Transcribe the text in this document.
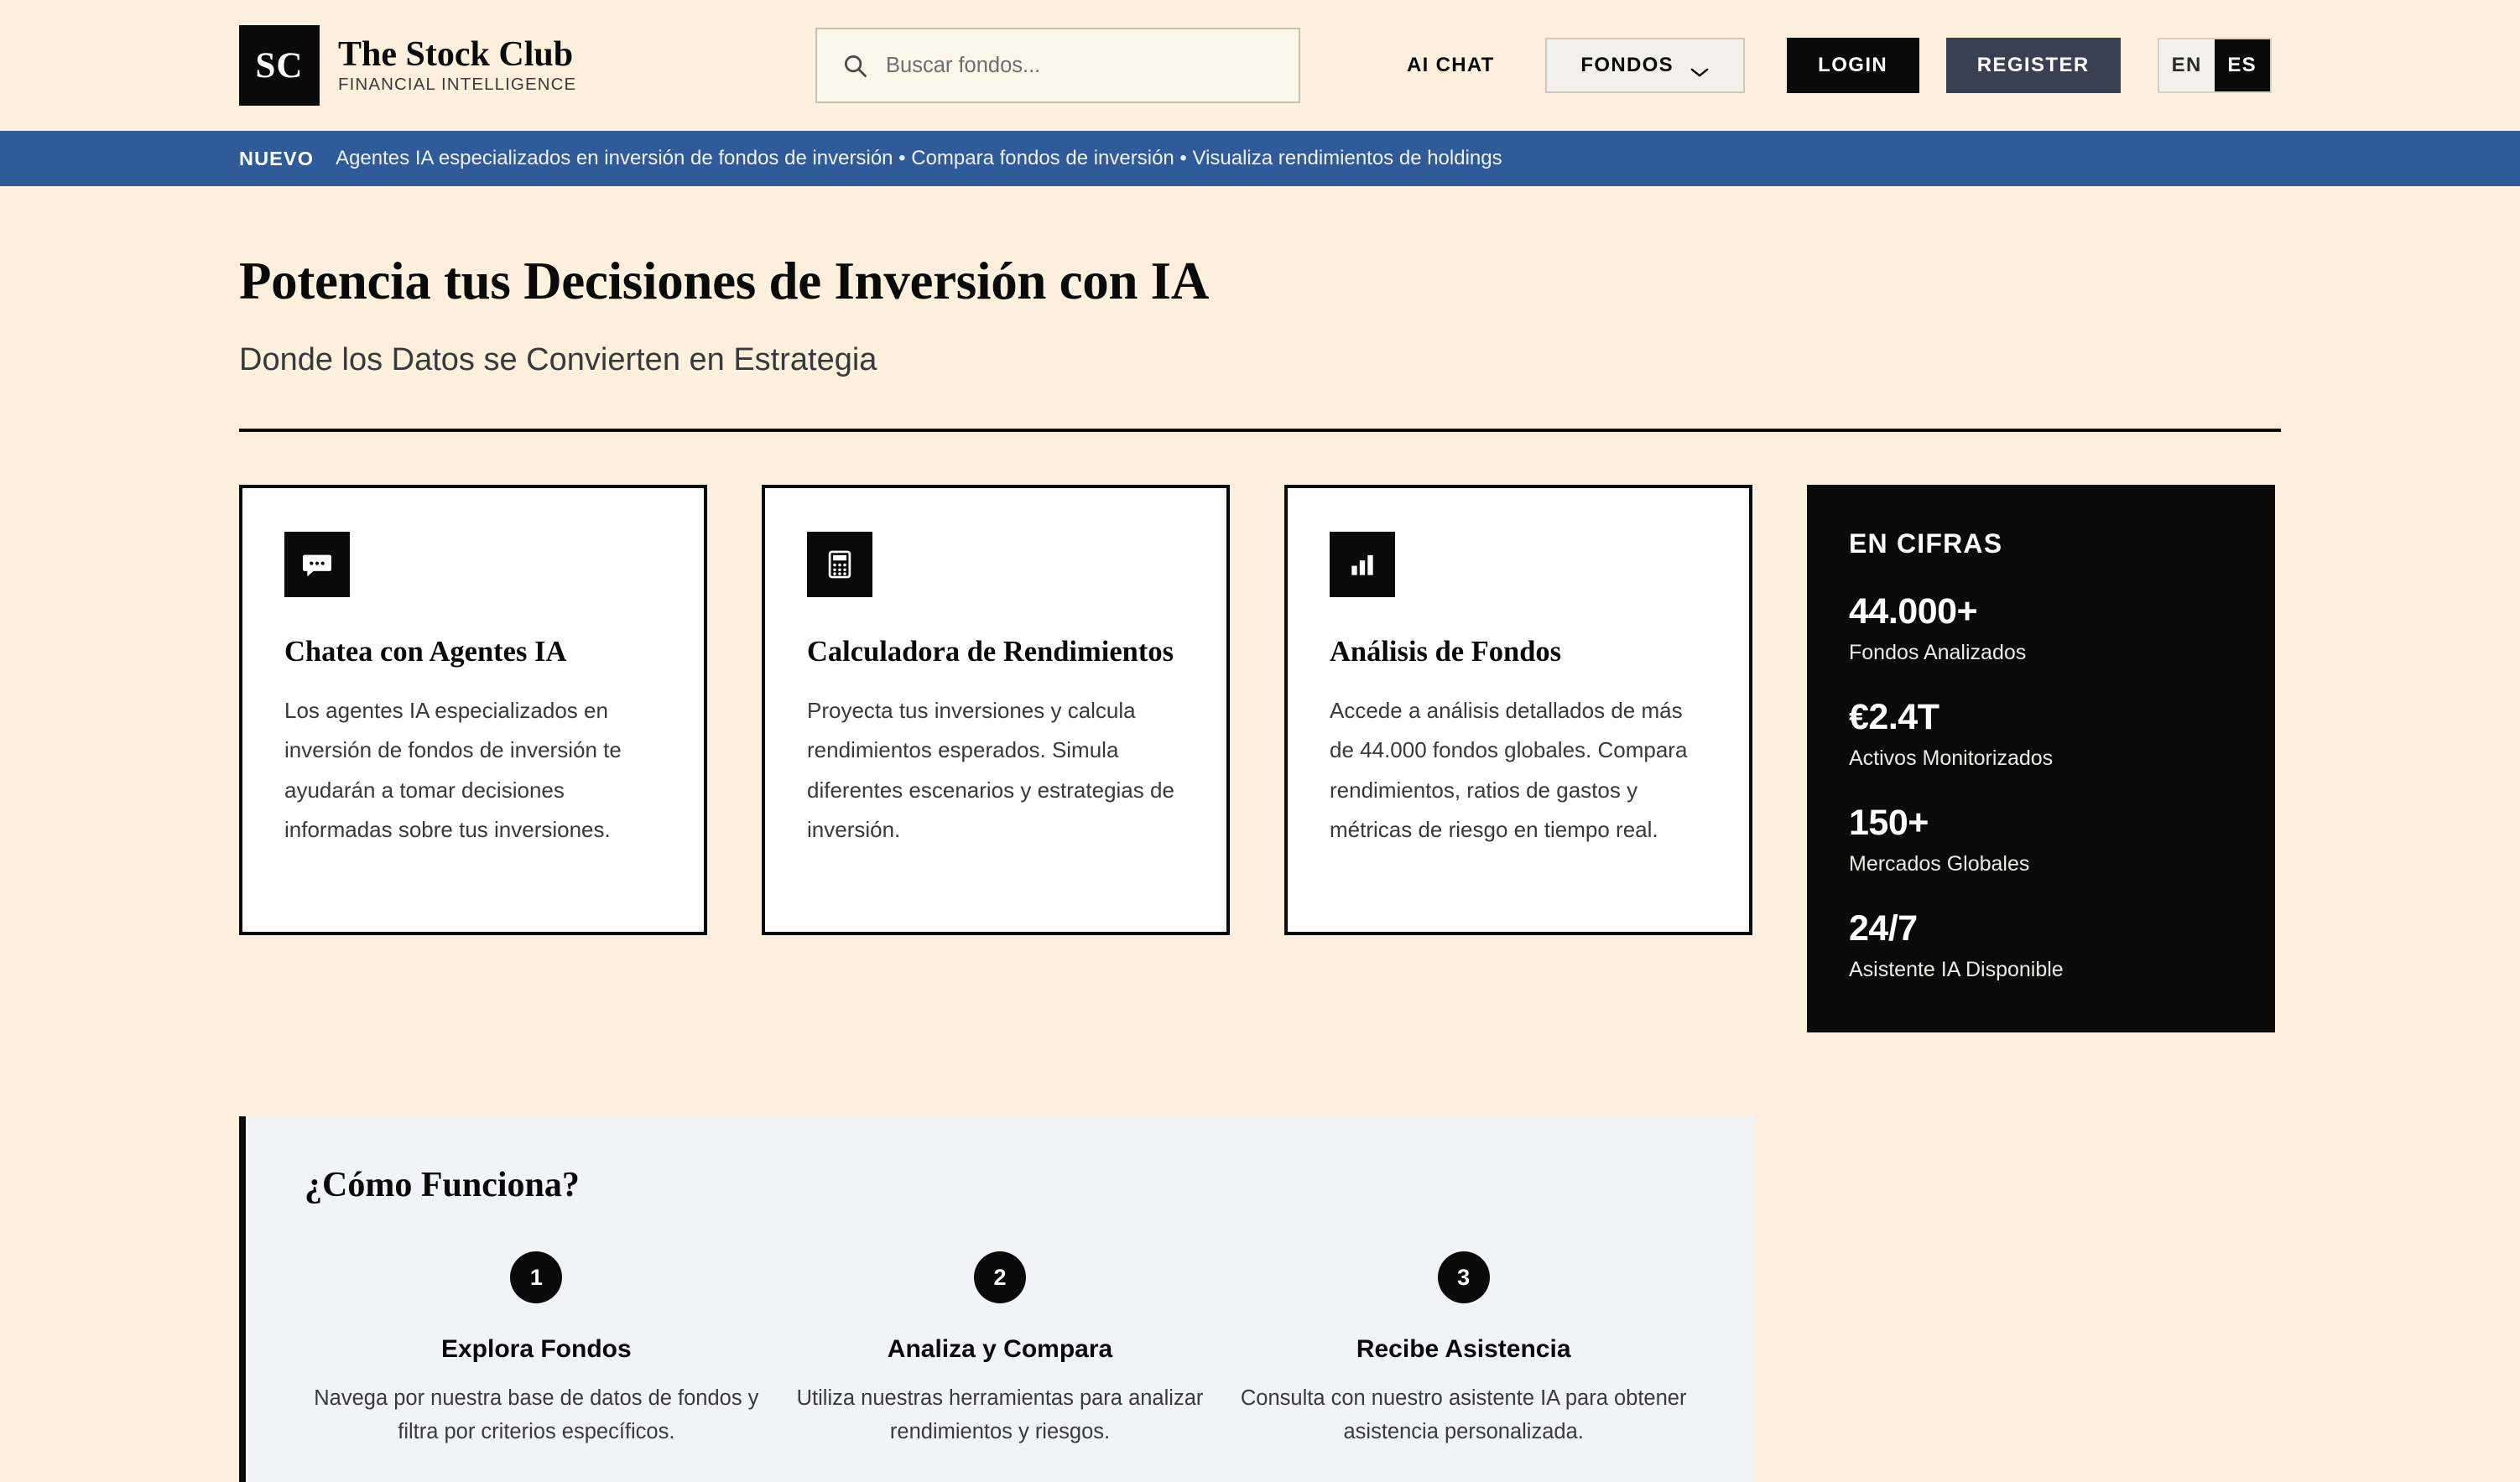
SC The Stock Club
FINANCIAL INTELLIGENCE
Buscar fondos...
AI CHAT	FONDOS	LOGIN	REGISTER	EN	ES
NUEVO Agentes IA especializados en inversión de fondos de inversión • Compara fondos de inversión • Visualiza rendimientos de holdings
Potencia tus Decisiones de Inversión con IA
Donde los Datos se Convierten en Estrategia
Chatea con Agentes IA
Los agentes IA especializados en inversión de fondos de inversión te ayudarán a tomar decisiones informadas sobre tus inversiones.
Calculadora de Rendimientos
Proyecta tus inversiones y calcula rendimientos esperados. Simula diferentes escenarios y estrategias de inversión.
Análisis de Fondos
Accede a análisis detallados de más de 44.000 fondos globales. Compara rendimientos, ratios de gastos y métricas de riesgo en tiempo real.
EN CIFRAS
44.000+
Fondos Analizados
€2.4T
Activos Monitorizados
150+
Mercados Globales
24/7
Asistente IA Disponible
¿Cómo Funciona?
1
Explora Fondos
Navega por nuestra base de datos de fondos y filtra por criterios específicos.
2
Analiza y Compara
Utiliza nuestras herramientas para analizar rendimientos y riesgos.
3
Recibe Asistencia
Consulta con nuestro asistente IA para obtener asistencia personalizada.
